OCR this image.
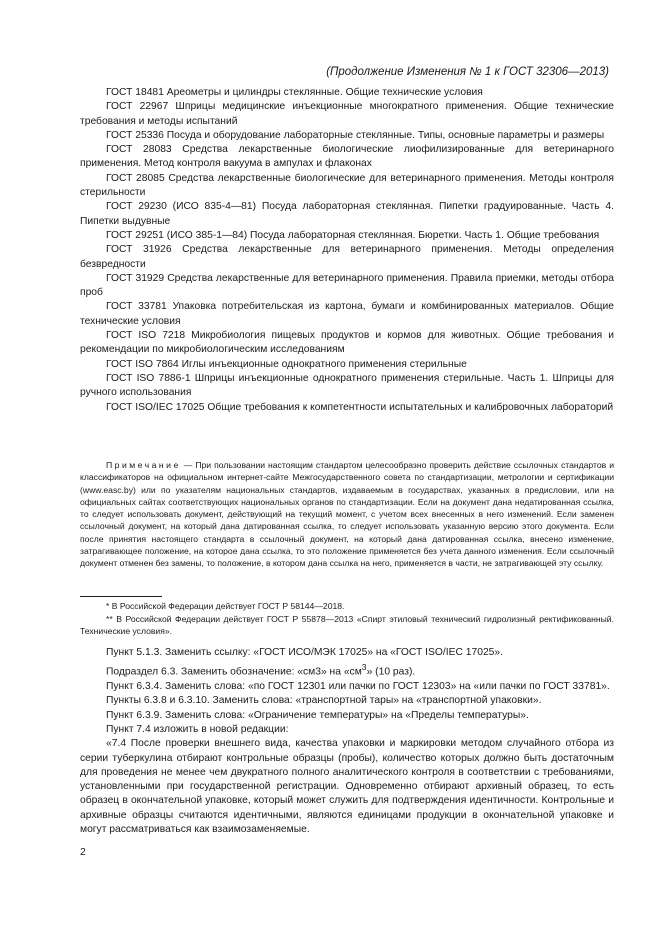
(Продолжение Изменения № 1 к ГОСТ 32306—2013)

ГОСТ 18481 Ареометры и цилиндры стеклянные. Общие технические условия

ГОСТ 22967 Шприцы медицинские инъекционные многократного применения. Общие технические требования и методы испытаний

ГОСТ 25336 Посуда и оборудование лабораторные стеклянные. Типы, основные параметры и размеры

ГОСТ 28083 Средства лекарственные биологические лиофилизированные для ветеринарного применения. Метод контроля вакуума в ампулах и флаконах

ГОСТ 28085 Средства лекарственные биологические для ветеринарного применения. Методы контроля стерильности

ГОСТ 29230 (ИСО 835-4—81) Посуда лабораторная стеклянная. Пипетки градуированные. Часть 4. Пипетки выдувные

ГОСТ 29251 (ИСО 385-1—84) Посуда лабораторная стеклянная. Бюретки. Часть 1. Общие требования

ГОСТ 31926 Средства лекарственные для ветеринарного применения. Методы определения безвредности

ГОСТ 31929 Средства лекарственные для ветеринарного применения. Правила приемки, методы отбора проб

ГОСТ 33781 Упаковка потребительская из картона, бумаги и комбинированных материалов. Общие технические условия

ГОСТ ISO 7218 Микробиология пищевых продуктов и кормов для животных. Общие требования и рекомендации по микробиологическим исследованиям

ГОСТ ISO 7864 Иглы инъекционные однократного применения стерильные

ГОСТ ISO 7886-1 Шприцы инъекционные однократного применения стерильные. Часть 1. Шприцы для ручного использования

ГОСТ ISO/IEC 17025 Общие требования к компетентности испытательных и калибровочных лабораторий

Примечание — При пользовании настоящим стандартом целесообразно проверить действие ссылочных стандартов и классификаторов на официальном интернет-сайте Межгосударственного совета по стандартизации, метрологии и сертификации (www.easc.by) или по указателям национальных стандартов, издаваемым в государствах, указанных в предисловии, или на официальных сайтах соответствующих национальных органов по стандартизации. Если на документ дана недатированная ссылка, то следует использовать документ, действующий на текущий момент, с учетом всех внесенных в него изменений. Если заменен ссылочный документ, на который дана датированная ссылка, то следует использовать указанную версию этого документа. Если после принятия настоящего стандарта в ссылочный документ, на который дана датированная ссылка, внесено изменение, затрагивающее положение, на которое дана ссылка, то это положение применяется без учета данного изменения. Если ссылочный документ отменен без замены, то положение, в котором дана ссылка на него, применяется в части, не затрагивающей эту ссылку.

* В Российской Федерации действует ГОСТ Р 58144—2018.

** В Российской Федерации действует ГОСТ Р 55878—2013 «Спирт этиловый технический гидролизный ректификованный. Технические условия».

Пункт 5.1.3. Заменить ссылку: «ГОСТ ИСО/МЭК 17025» на «ГОСТ ISO/IEC 17025».

Подраздел 6.3. Заменить обозначение: «см3» на «$см^3$» (10 раз).

Пункт 6.3.4. Заменить слова: «по ГОСТ 12301 или пачки по ГОСТ 12303» на «или пачки по ГОСТ 33781».

Пункты 6.3.8 и 6.3.10. Заменить слова: «транспортной тары» на «транспортной упаковки».

Пункт 6.3.9. Заменить слова: «Ограничение температуры» на «Пределы температуры».

Пункт 7.4 изложить в новой редакции:

«7.4 После проверки внешнего вида, качества упаковки и маркировки методом случайного отбора из серии туберкулина отбирают контрольные образцы (пробы), количество которых должно быть достаточным для проведения не менее чем двукратного полного аналитического контроля в соответствии с требованиями, установленными при государственной регистрации. Одновременно отбирают архивный образец, то есть образец в окончательной упаковке, который может служить для подтверждения идентичности. Контрольные и архивные образцы считаются идентичными, являются единицами продукции в окончательной упаковке и могут рассматриваться как взаимозаменяемые.

2
